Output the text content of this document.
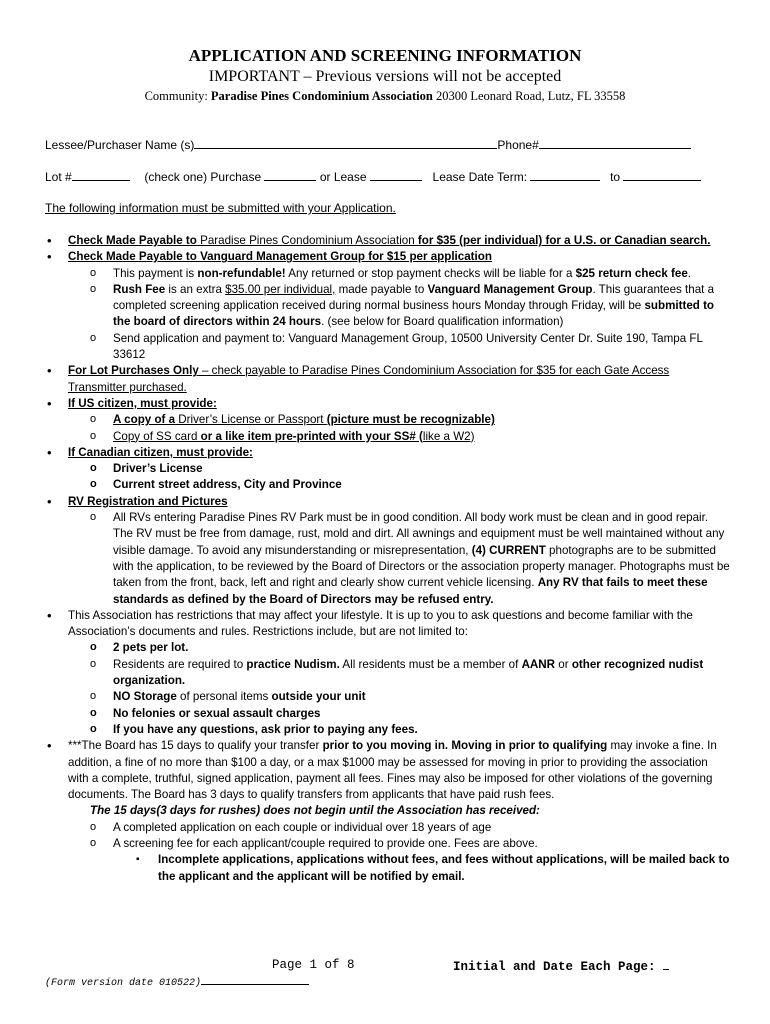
APPLICATION AND SCREENING INFORMATION
IMPORTANT – Previous versions will not be accepted
Community: Paradise Pines Condominium Association 20300 Leonard Road, Lutz, FL 33558
Lessee/Purchaser Name (s)	Phone#
Lot #	(check one) Purchase	or Lease	Lease Date Term:	to
The following information must be submitted with your Application.
• Check Made Payable to Paradise Pines Condominium Association for $35 (per individual) for a U.S. or Canadian search.
• Check Made Payable to Vanguard Management Group for $15 per application
o This payment is non-refundable! Any returned or stop payment checks will be liable for a $25 return check fee.
o Rush Fee is an extra $35.00 per individual, made payable to Vanguard Management Group. This guarantees that a completed screening application received during normal business hours Monday through Friday, will be submitted to the board of directors within 24 hours. (see below for Board qualification information)
o Send application and payment to: Vanguard Management Group, 10500 University Center Dr. Suite 190, Tampa FL 33612
• For Lot Purchases Only – check payable to Paradise Pines Condominium Association for $35 for each Gate Access Transmitter purchased.
• If US citizen, must provide:
o A copy of a Driver’s License or Passport (picture must be recognizable)
o Copy of SS card or a like item pre-printed with your SS# (like a W2)
• If Canadian citizen, must provide:
o Driver’s License
o Current street address, City and Province
• RV Registration and Pictures
o All RVs entering Paradise Pines RV Park must be in good condition. All body work must be clean and in good repair. The RV must be free from damage, rust, mold and dirt. All awnings and equipment must be well maintained without any visible damage. To avoid any misunderstanding or misrepresentation, (4) CURRENT photographs are to be submitted with the application, to be reviewed by the Board of Directors or the association property manager. Photographs must be taken from the front, back, left and right and clearly show current vehicle licensing. Any RV that fails to meet these standards as defined by the Board of Directors may be refused entry.
• This Association has restrictions that may affect your lifestyle. It is up to you to ask questions and become familiar with the Association’s documents and rules. Restrictions include, but are not limited to:
o 2 pets per lot.
o Residents are required to practice Nudism. All residents must be a member of AANR or other recognized nudist organization.
o NO Storage of personal items outside your unit
o No felonies or sexual assault charges
o If you have any questions, ask prior to paying any fees.
• ***The Board has 15 days to qualify your transfer prior to you moving in. Moving in prior to qualifying may invoke a fine. In addition, a fine of no more than $100 a day, or a max $1000 may be assessed for moving in prior to providing the association with a complete, truthful, signed application, payment all fees. Fines may also be imposed for other violations of the governing documents. The Board has 3 days to qualify transfers from applicants that have paid rush fees.
The 15 days(3 days for rushes) does not begin until the Association has received:
o A completed application on each couple or individual over 18 years of age
o A screening fee for each applicant/couple required to provide one. Fees are above.
▪ Incomplete applications, applications without fees, and fees without applications, will be mailed back to the applicant and the applicant will be notified by email.
Page 1 of 8	Initial and Date Each Page:
(Form version date 010522)
